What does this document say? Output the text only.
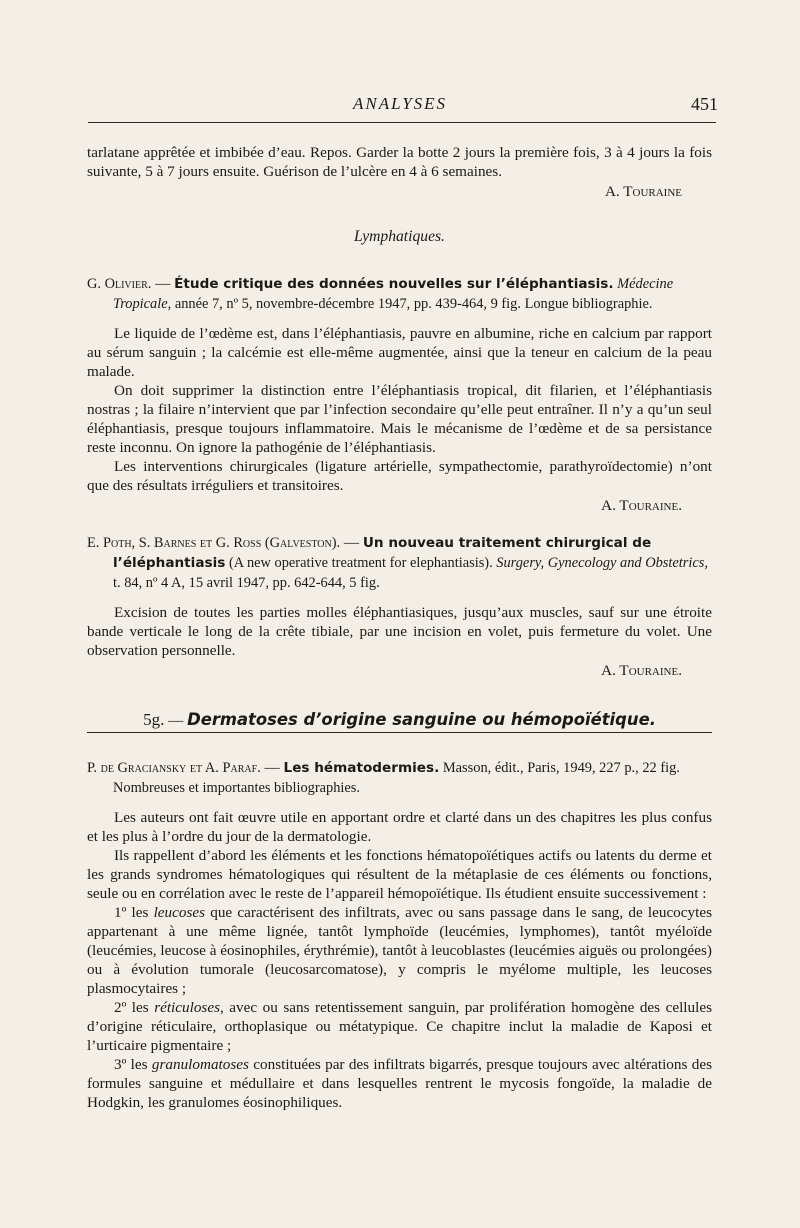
ANALYSES	451

tarlatane apprêtée et imbibée d’eau. Repos. Garder la botte 2 jours la première fois, 3 à 4 jours la fois suivante, 5 à 7 jours ensuite. Guérison de l’ulcère en 4 à 6 semaines.

A. Touraine

Lymphatiques.

G. Olivier. — Étude critique des données nouvelles sur l’éléphantiasis. Médecine Tropicale, année 7, nº 5, novembre-décembre 1947, pp. 439-464, 9 fig. Longue bibliographie.

Le liquide de l’œdème est, dans l’éléphantiasis, pauvre en albumine, riche en calcium par rapport au sérum sanguin ; la calcémie est elle-même augmentée, ainsi que la teneur en calcium de la peau malade.

On doit supprimer la distinction entre l’éléphantiasis tropical, dit filarien, et l’éléphantiasis nostras ; la filaire n’intervient que par l’infection secondaire qu’elle peut entraîner. Il n’y a qu’un seul éléphantiasis, presque toujours inflammatoire. Mais le mécanisme de l’œdème et de sa persistance reste inconnu. On ignore la pathogénie de l’éléphantiasis.

Les interventions chirurgicales (ligature artérielle, sympathectomie, parathyroïdectomie) n’ont que des résultats irréguliers et transitoires.

A. Touraine.

E. Poth, S. Barnes et G. Ross (Galveston). — Un nouveau traitement chirurgical de l’éléphantiasis (A new operative treatment for elephantiasis). Surgery, Gynecology and Obstetrics, t. 84, nº 4 A, 15 avril 1947, pp. 642-644, 5 fig.

Excision de toutes les parties molles éléphantiasiques, jusqu’aux muscles, sauf sur une étroite bande verticale le long de la crête tibiale, par une incision en volet, puis fermeture du volet. Une observation personnelle.

A. Touraine.

5g. — Dermatoses d’origine sanguine ou hémopoïétique.

P. de Graciansky et A. Paraf. — Les hématodermies. Masson, édit., Paris, 1949, 227 p., 22 fig. Nombreuses et importantes bibliographies.

Les auteurs ont fait œuvre utile en apportant ordre et clarté dans un des chapitres les plus confus et les plus à l’ordre du jour de la dermatologie.

Ils rappellent d’abord les éléments et les fonctions hématopoïétiques actifs ou latents du derme et les grands syndromes hématologiques qui résultent de la métaplasie de ces éléments ou fonctions, seule ou en corrélation avec le reste de l’appareil hémopoïétique. Ils étudient ensuite successivement :

1º les leucoses que caractérisent des infiltrats, avec ou sans passage dans le sang, de leucocytes appartenant à une même lignée, tantôt lymphoïde (leucémies, lymphomes), tantôt myéloïde (leucémies, leucose à éosinophiles, érythrémie), tantôt à leucoblastes (leucémies aiguës ou prolongées) ou à évolution tumorale (leucosarcomatose), y compris le myélome multiple, les leucoses plasmocytaires ;

2º les réticuloses, avec ou sans retentissement sanguin, par prolifération homogène des cellules d’origine réticulaire, orthoplasique ou métatypique. Ce chapitre inclut la maladie de Kaposi et l’urticaire pigmentaire ;

3º les granulomatoses constituées par des infiltrats bigarrés, presque toujours avec altérations des formules sanguine et médullaire et dans lesquelles rentrent le mycosis fongoïde, la maladie de Hodgkin, les granulomes éosinophiliques.
